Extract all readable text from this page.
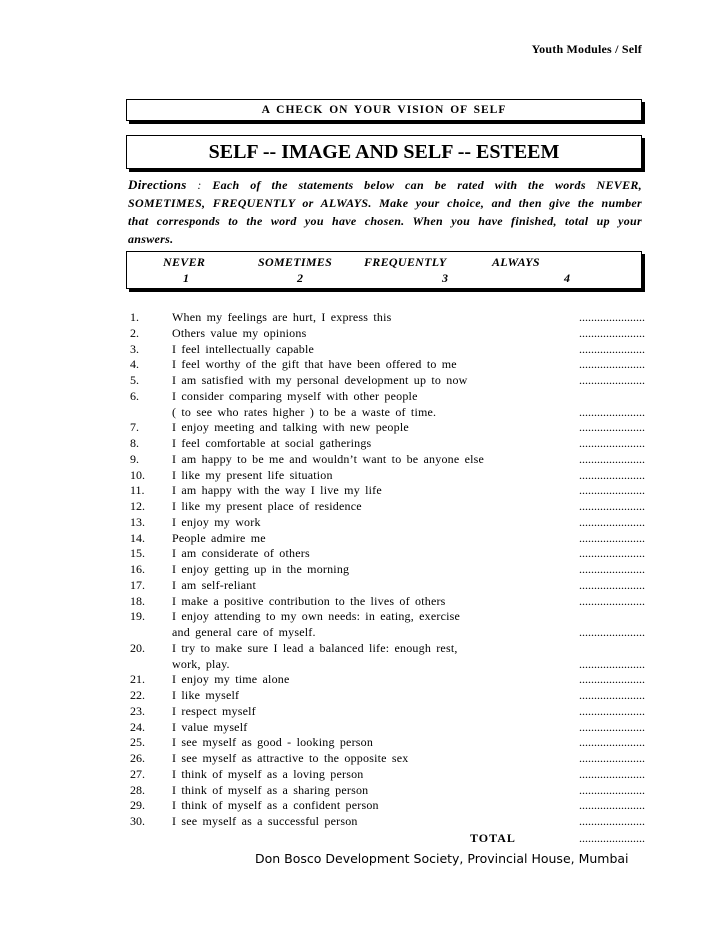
Youth Modules / Self
A CHECK ON YOUR VISION OF SELF
SELF -- IMAGE AND SELF -- ESTEEM
Directions : Each of the statements below can be rated with the words NEVER, SOMETIMES, FREQUENTLY or ALWAYS. Make your choice, and then give the number that corresponds to the word you have chosen. When you have finished, total up your answers.
NEVER
1
SOMETIMES
2
FREQUENTLY
3
ALWAYS
4
1.	When my feelings are hurt, I express this	......................
2.	Others value my opinions	......................
3.	I feel intellectually capable	......................
4.	I feel worthy of the gift that have been offered to me	......................
5.	I am satisfied with my personal development up to now	......................
6.	I consider comparing myself with other people
( to see who rates higher ) to be a waste of time.	......................
7.	I enjoy meeting and talking with new people	......................
8.	I feel comfortable at social gatherings	......................
9.	I am happy to be me and wouldn’t want to be anyone else	......................
10. I like my present life situation	......................
11. I am happy with the way I live my life	......................
12. I like my present place of residence	......................
13. I enjoy my work	......................
14. People admire me	......................
15. I am considerate of others	......................
16. I enjoy getting up in the morning	......................
17. I am self-reliant	......................
18. I make a positive contribution to the lives of others	......................
19. I enjoy attending to my own needs: in eating, exercise
and general care of myself.	......................
20. I try to make sure I lead a balanced life: enough rest,
work, play.	......................
21. I enjoy my time alone	......................
22. I like myself	......................
23. I respect myself	......................
24. I value myself	......................
25. I see myself as good - looking person	......................
26. I see myself as attractive to the opposite sex	......................
27. I think of myself as a loving person	......................
28. I think of myself as a sharing person	......................
29. I think of myself as a confident person	......................
30. I see myself as a successful person	......................
TOTAL	......................
Don Bosco Development Society, Provincial House, Mumbai
